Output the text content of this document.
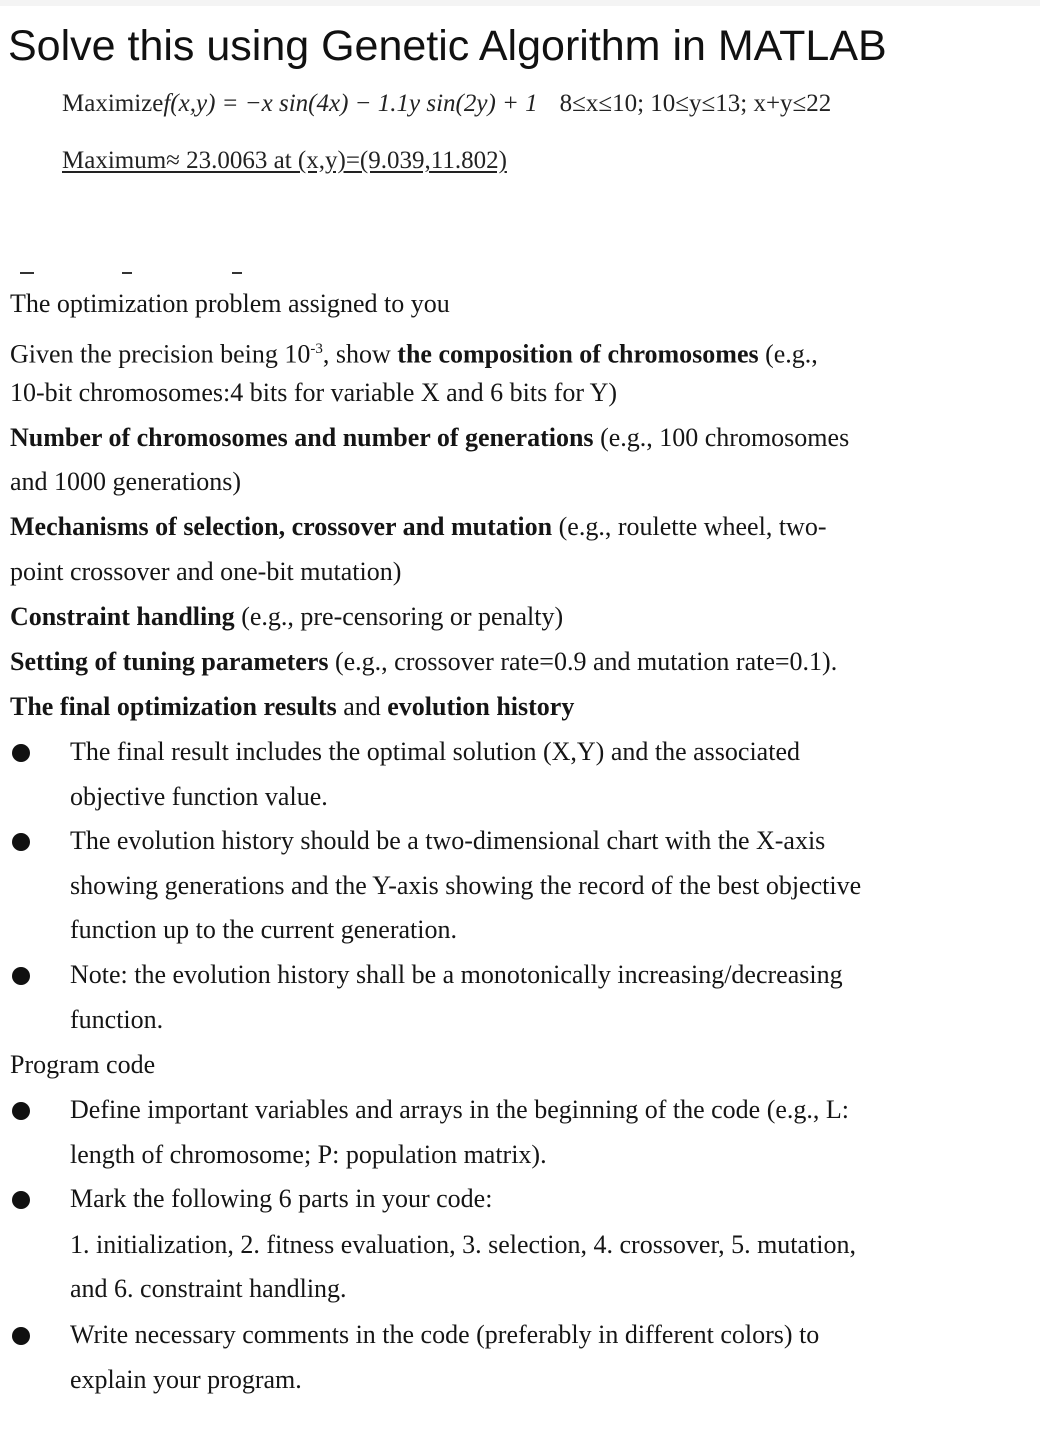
Solve this using Genetic Algorithm in MATLAB
Maximizef(x,y) = −x sin(4x) − 1.1y sin(2y) + 1 8≤x≤10; 10≤y≤13; x+y≤22
Maximum≈ 23.0063 at (x,y)=(9.039,11.802)
The optimization problem assigned to you
Given the precision being $10^{-3}$, show the composition of chromosomes (e.g.,
10-bit chromosomes:4 bits for variable X and 6 bits for Y)
Number of chromosomes and number of generations (e.g., 100 chromosomes
and 1000 generations)
Mechanisms of selection, crossover and mutation (e.g., roulette wheel, two-
point crossover and one-bit mutation)
Constraint handling (e.g., pre-censoring or penalty)
Setting of tuning parameters (e.g., crossover rate=0.9 and mutation rate=0.1).
The final optimization results and evolution history
The final result includes the optimal solution (X,Y) and the associated
objective function value.
The evolution history should be a two-dimensional chart with the X-axis
showing generations and the Y-axis showing the record of the best objective
function up to the current generation.
Note: the evolution history shall be a monotonically increasing/decreasing
function.
Program code
Define important variables and arrays in the beginning of the code (e.g., L:
length of chromosome; P: population matrix).
Mark the following 6 parts in your code:
1. initialization, 2. fitness evaluation, 3. selection, 4. crossover, 5. mutation,
and 6. constraint handling.
Write necessary comments in the code (preferably in different colors) to
explain your program.
